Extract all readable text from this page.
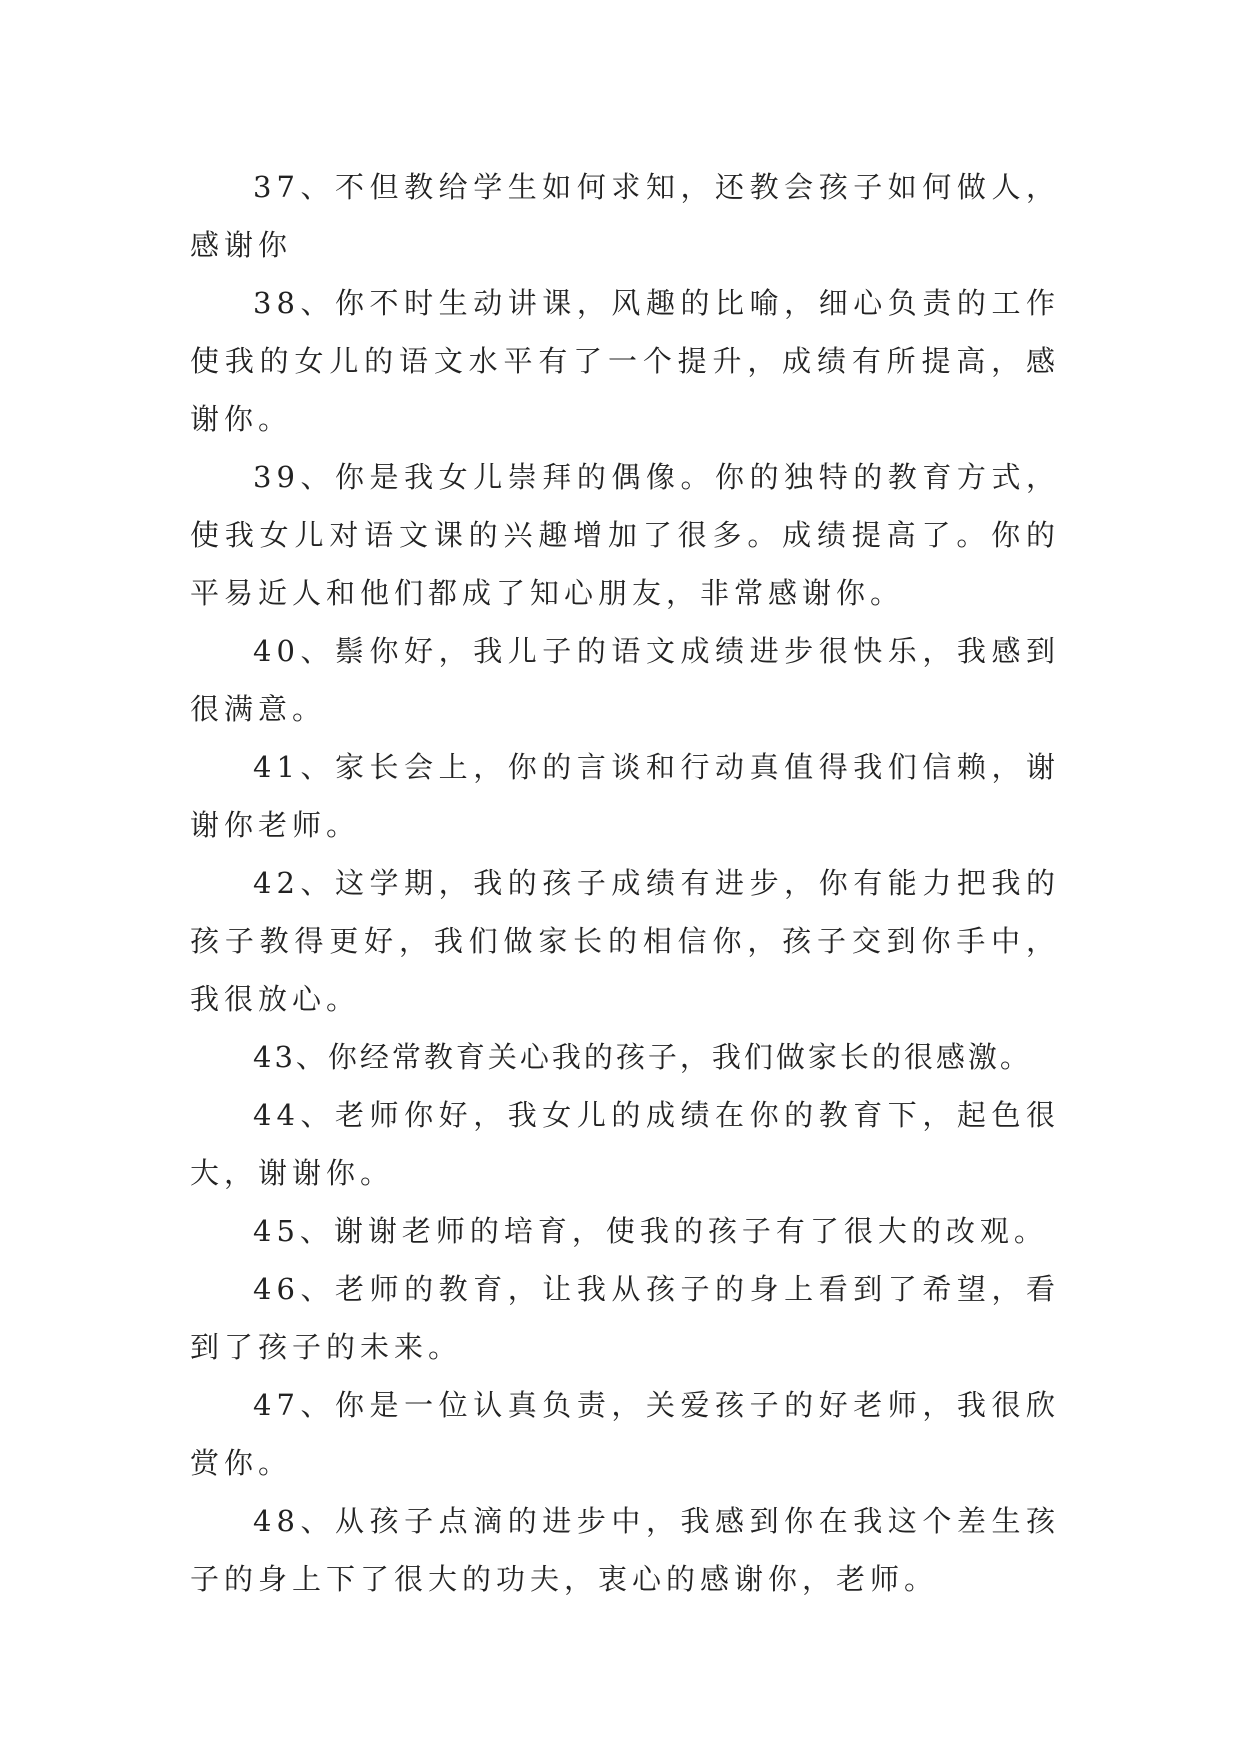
37、不但教给学生如何求知，还教会孩子如何做人，感谢你

38、你不时生动讲课，风趣的比喻，细心负责的工作使我的女儿的语文水平有了一个提升，成绩有所提高，感谢你。

39、你是我女儿崇拜的偶像。你的独特的教育方式，使我女儿对语文课的兴趣增加了很多。成绩提高了。你的平易近人和他们都成了知心朋友，非常感谢你。

40、鬃你好，我儿子的语文成绩进步很快乐，我感到很满意。

41、家长会上，你的言谈和行动真值得我们信赖，谢谢你老师。

42、这学期，我的孩子成绩有进步，你有能力把我的孩子教得更好，我们做家长的相信你，孩子交到你手中，我很放心。

43、你经常教育关心我的孩子，我们做家长的很感激。

44、老师你好，我女儿的成绩在你的教育下，起色很大，谢谢你。

45、谢谢老师的培育，使我的孩子有了很大的改观。

46、老师的教育，让我从孩子的身上看到了希望，看到了孩子的未来。

47、你是一位认真负责，关爱孩子的好老师，我很欣赏你。

48、从孩子点滴的进步中，我感到你在我这个差生孩子的身上下了很大的功夫，衷心的感谢你，老师。
